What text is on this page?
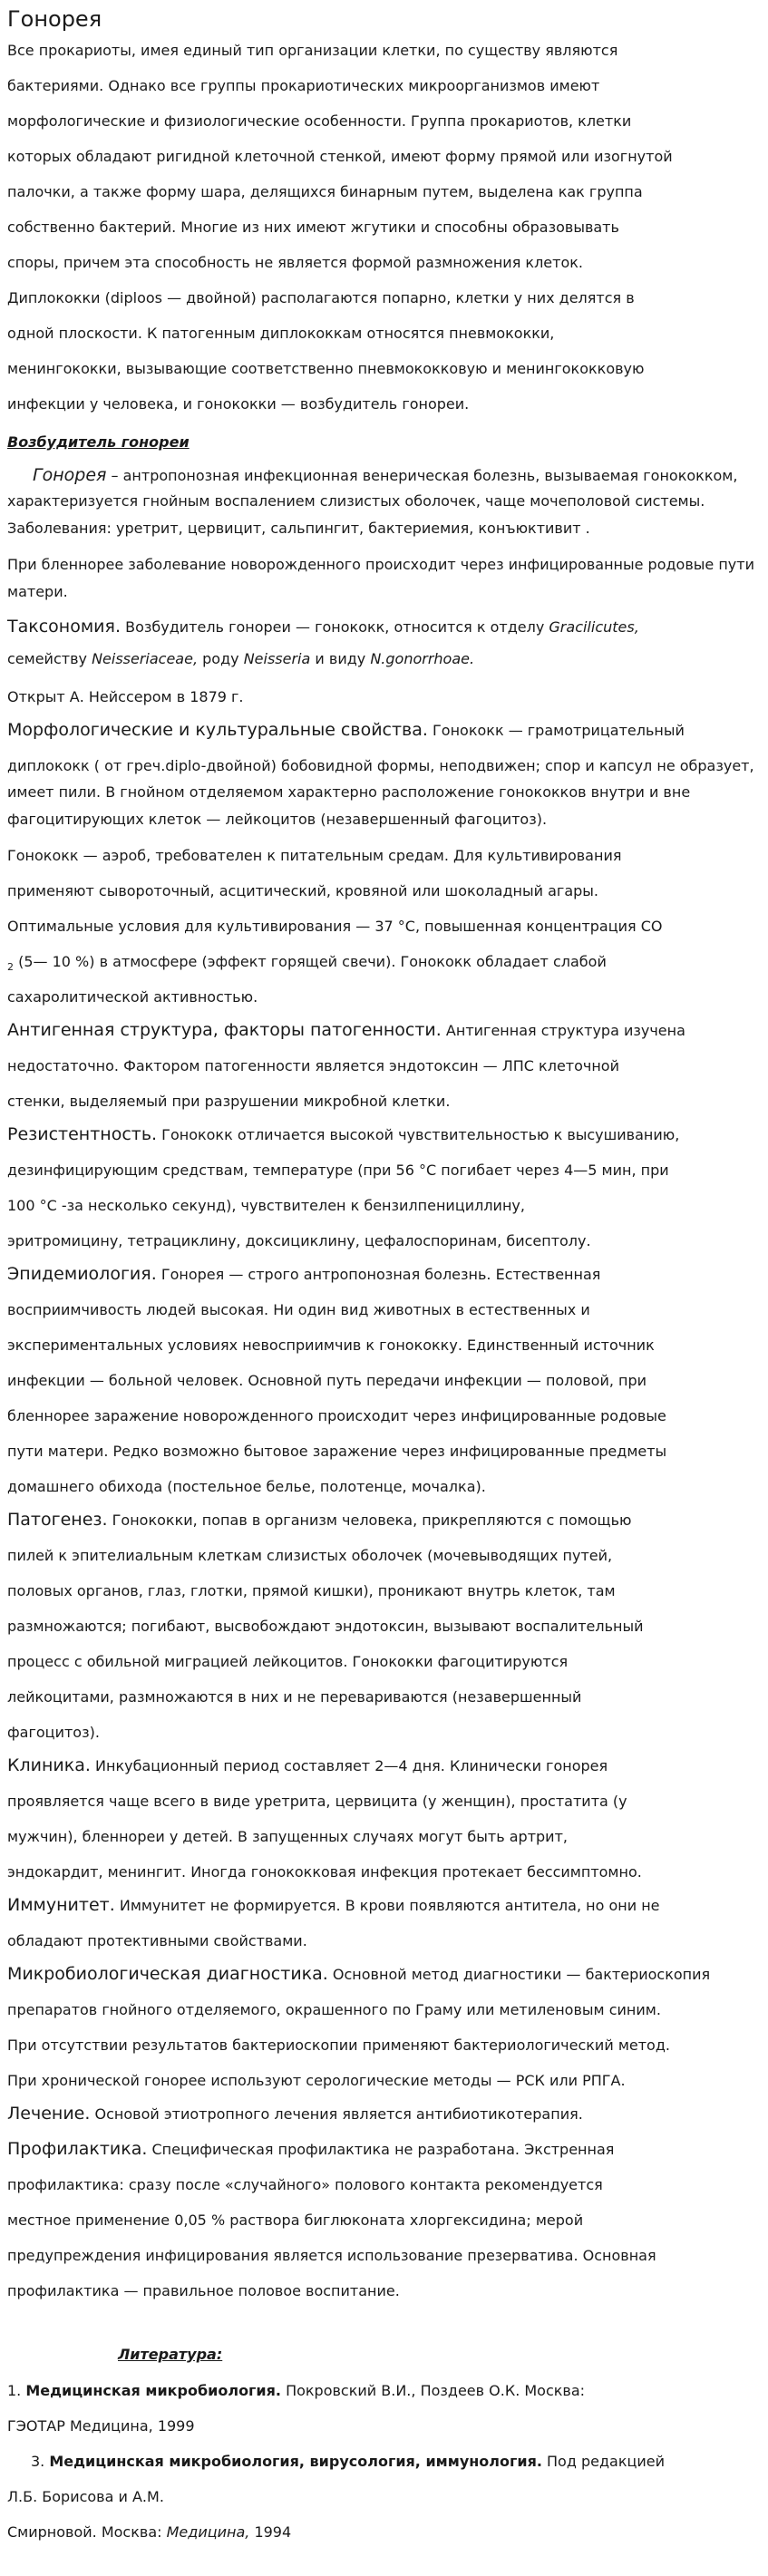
Гонорея
Все прокариоты, имея единый тип организации клетки, по существу являются
бактериями. Однако все группы прокариотических микроорганизмов имеют
морфологические и физиологические особенности. Группа прокариотов, клетки
которых обладают ригидной клеточной стенкой, имеют форму прямой или изогнутой
палочки, а также форму шара, делящихся бинарным путем, выделена как группа
собственно бактерий. Многие из них имеют жгутики и способны образовывать
споры, причем эта способность не является формой размножения клеток.
Диплококки (diploos — двойной) располагаются попарно, клетки у них делятся в
одной плоскости. К патогенным диплококкам относятся пневмококки,
менингококки, вызывающие соответственно пневмококковую и менингококковую
инфекции у человека, и гонококки — возбудитель гонореи.
Возбудитель гонореи
Гонорея – антропонозная инфекционная венерическая болезнь, вызываемая гонококком,
характеризуется гнойным воспалением слизистых оболочек, чаще мочеполовой системы.
Заболевания: уретрит, цервицит, сальпингит, бактериемия, конъюктивит .
При бленнорее заболевание новорожденного происходит через инфицированные родовые пути
матери.
Таксономия. Возбудитель гонореи — гонококк, относится к отделу Gracilicutes,
семейству Neisseriaceae, роду Neisseria и виду N.gonorrhoae.
Открыт А. Нейссером в 1879 г.
Морфологические и культуральные свойства. Гонококк — грамотрицательный
диплококк ( от греч.diplo-двойной) бобовидной формы, неподвижен; спор и капсул не образует,
имеет пили. В гнойном отделяемом характерно расположение гонококков внутри и вне
фагоцитирующих клеток — лейкоцитов (незавершенный фагоцитоз).
Гонококк — аэроб, требователен к питательным средам. Для культивирования
применяют сывороточный, асцитический, кровяной или шоколадный агары.
Оптимальные условия для культивирования — 37 °С, повышенная концентрация СО
$_2$ (5— 10 %) в атмосфере (эффект горящей свечи). Гонококк обладает слабой
сахаролитической активностью.
Антигенная структура, факторы патогенности. Антигенная структура изучена
недостаточно. Фактором патогенности является эндотоксин — ЛПС клеточной
стенки, выделяемый при разрушении микробной клетки.
Резистентность. Гонококк отличается высокой чувствительностью к высушиванию,
дезинфицирующим средствам, температуре (при 56 °С погибает через 4—5 мин, при
100 °С -за несколько секунд), чувствителен к бензилпенициллину,
эритромицину, тетрациклину, доксициклину, цефалоспоринам, бисептолу.
Эпидемиология. Гонорея — строго антропонозная болезнь. Естественная
восприимчивость людей высокая. Ни один вид животных в естественных и
экспериментальных условиях невосприимчив к гонококку. Единственный источник
инфекции — больной человек. Основной путь передачи инфекции — половой, при
бленнорее заражение новорожденного происходит через инфицированные родовые
пути матери. Редко возможно бытовое заражение через инфицированные предметы
домашнего обихода (постельное белье, полотенце, мочалка).
Патогенез. Гонококки, попав в организм человека, прикрепляются с помощью
пилей к эпителиальным клеткам слизистых оболочек (мочевыводящих путей,
половых органов, глаз, глотки, прямой кишки), проникают внутрь клеток, там
размножаются; погибают, высвобождают эндотоксин, вызывают воспалительный
процесс с обильной миграцией лейкоцитов. Гонококки фагоцитируются
лейкоцитами, размножаются в них и не перевариваются (незавершенный
фагоцитоз).
Клиника. Инкубационный период составляет 2—4 дня. Клинически гонорея
проявляется чаще всего в виде уретрита, цервицита (у женщин), простатита (у
мужчин), бленнореи у детей. В запущенных случаях могут быть артрит,
эндокардит, менингит. Иногда гонококковая инфекция протекает бессимптомно.
Иммунитет. Иммунитет не формируется. В крови появляются антитела, но они не
обладают протективными свойствами.
Микробиологическая диагностика. Основной метод диагностики — бактериоскопия
препаратов гнойного отделяемого, окрашенного по Граму или метиленовым синим.
При отсутствии результатов бактериоскопии применяют бактериологический метод.
При хронической гонорее используют серологические методы — РСК или РПГА.
Лечение. Основой этиотропного лечения является антибиотикотерапия.
Профилактика. Специфическая профилактика не разработана. Экстренная
профилактика: сразу после «случайного» полового контакта рекомендуется
местное применение 0,05 % раствора биглюконата хлоргексидина; мерой
предупреждения инфицирования является использование презерватива. Основная
профилактика — правильное половое воспитание.
Литература:
1. Медицинская микробиология. Покровский В.И., Поздеев О.К. Москва:
ГЭОТАР Медицина, 1999
3. Медицинская микробиология, вирусология, иммунология. Под редакцией
Л.Б. Борисова и А.М.
Смирновой. Москва: Медицина, 1994
